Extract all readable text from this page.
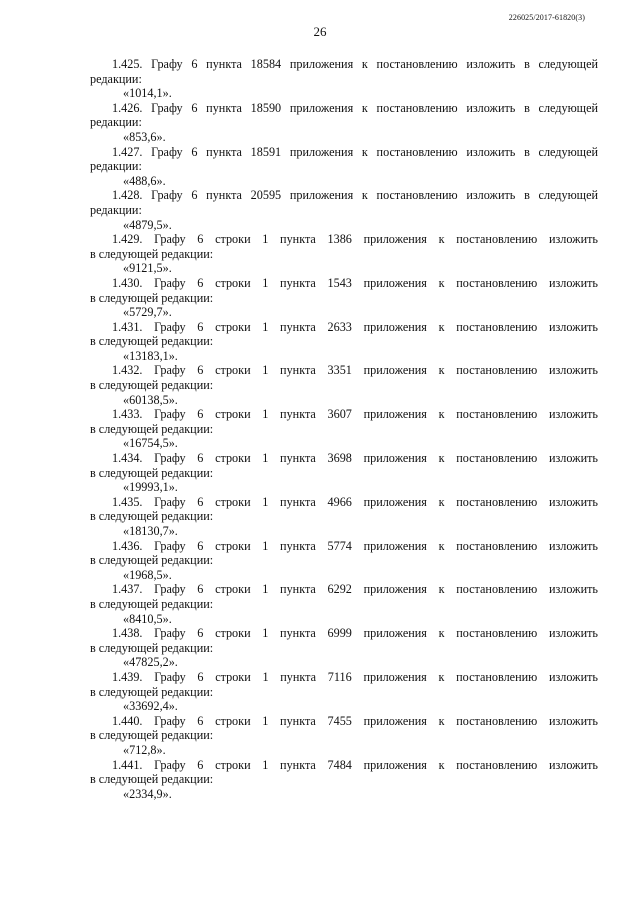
226025/2017-61820(3)
26
1.425. Графу 6 пункта 18584 приложения к постановлению изложить в следующей
редакции:
«1014,1».
1.426. Графу 6 пункта 18590 приложения к постановлению изложить в следующей
редакции:
«853,6».
1.427. Графу 6 пункта 18591 приложения к постановлению изложить в следующей
редакции:
«488,6».
1.428. Графу 6 пункта 20595 приложения к постановлению изложить в следующей
редакции:
«4879,5».
1.429. Графу 6 строки 1 пункта 1386 приложения к постановлению изложить
в следующей редакции:
«9121,5».
1.430. Графу 6 строки 1 пункта 1543 приложения к постановлению изложить
в следующей редакции:
«5729,7».
1.431. Графу 6 строки 1 пункта 2633 приложения к постановлению изложить
в следующей редакции:
«13183,1».
1.432. Графу 6 строки 1 пункта 3351 приложения к постановлению изложить
в следующей редакции:
«60138,5».
1.433. Графу 6 строки 1 пункта 3607 приложения к постановлению изложить
в следующей редакции:
«16754,5».
1.434. Графу 6 строки 1 пункта 3698 приложения к постановлению изложить
в следующей редакции:
«19993,1».
1.435. Графу 6 строки 1 пункта 4966 приложения к постановлению изложить
в следующей редакции:
«18130,7».
1.436. Графу 6 строки 1 пункта 5774 приложения к постановлению изложить
в следующей редакции:
«1968,5».
1.437. Графу 6 строки 1 пункта 6292 приложения к постановлению изложить
в следующей редакции:
«8410,5».
1.438. Графу 6 строки 1 пункта 6999 приложения к постановлению изложить
в следующей редакции:
«47825,2».
1.439. Графу 6 строки 1 пункта 7116 приложения к постановлению изложить
в следующей редакции:
«33692,4».
1.440. Графу 6 строки 1 пункта 7455 приложения к постановлению изложить
в следующей редакции:
«712,8».
1.441. Графу 6 строки 1 пункта 7484 приложения к постановлению изложить
в следующей редакции:
«2334,9».
